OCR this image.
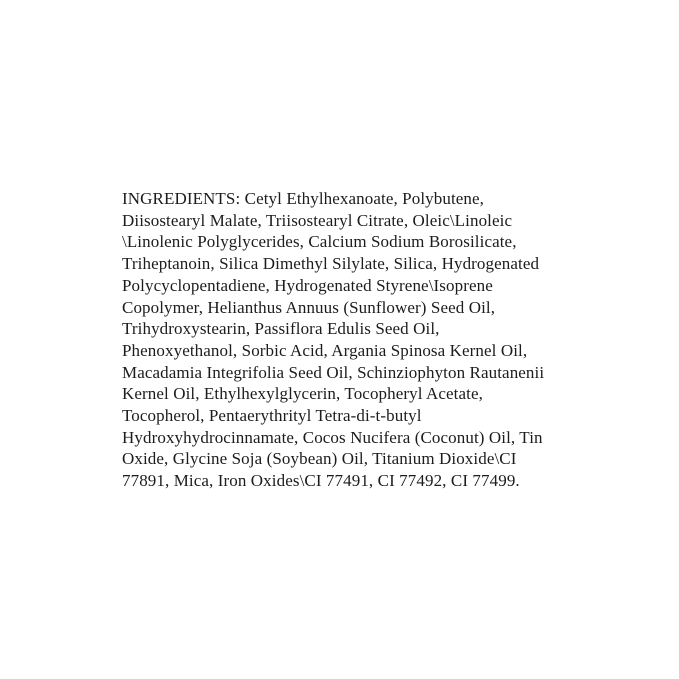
INGREDIENTS: Cetyl Ethylhexanoate, Polybutene,
Diisostearyl Malate, Triisostearyl Citrate, Oleic\Linoleic
\Linolenic Polyglycerides, Calcium Sodium Borosilicate,
Triheptanoin, Silica Dimethyl Silylate, Silica, Hydrogenated
Polycyclopentadiene, Hydrogenated Styrene\Isoprene
Copolymer, Helianthus Annuus (Sunflower) Seed Oil,
Trihydroxystearin, Passiflora Edulis Seed Oil,
Phenoxyethanol, Sorbic Acid, Argania Spinosa Kernel Oil,
Macadamia Integrifolia Seed Oil, Schinziophyton Rautanenii
Kernel Oil, Ethylhexylglycerin, Tocopheryl Acetate,
Tocopherol, Pentaerythrityl Tetra-di-t-butyl
Hydroxyhydrocinnamate, Cocos Nucifera (Coconut) Oil, Tin
Oxide, Glycine Soja (Soybean) Oil, Titanium Dioxide\CI
77891, Mica, Iron Oxides\CI 77491, CI 77492, CI 77499.
